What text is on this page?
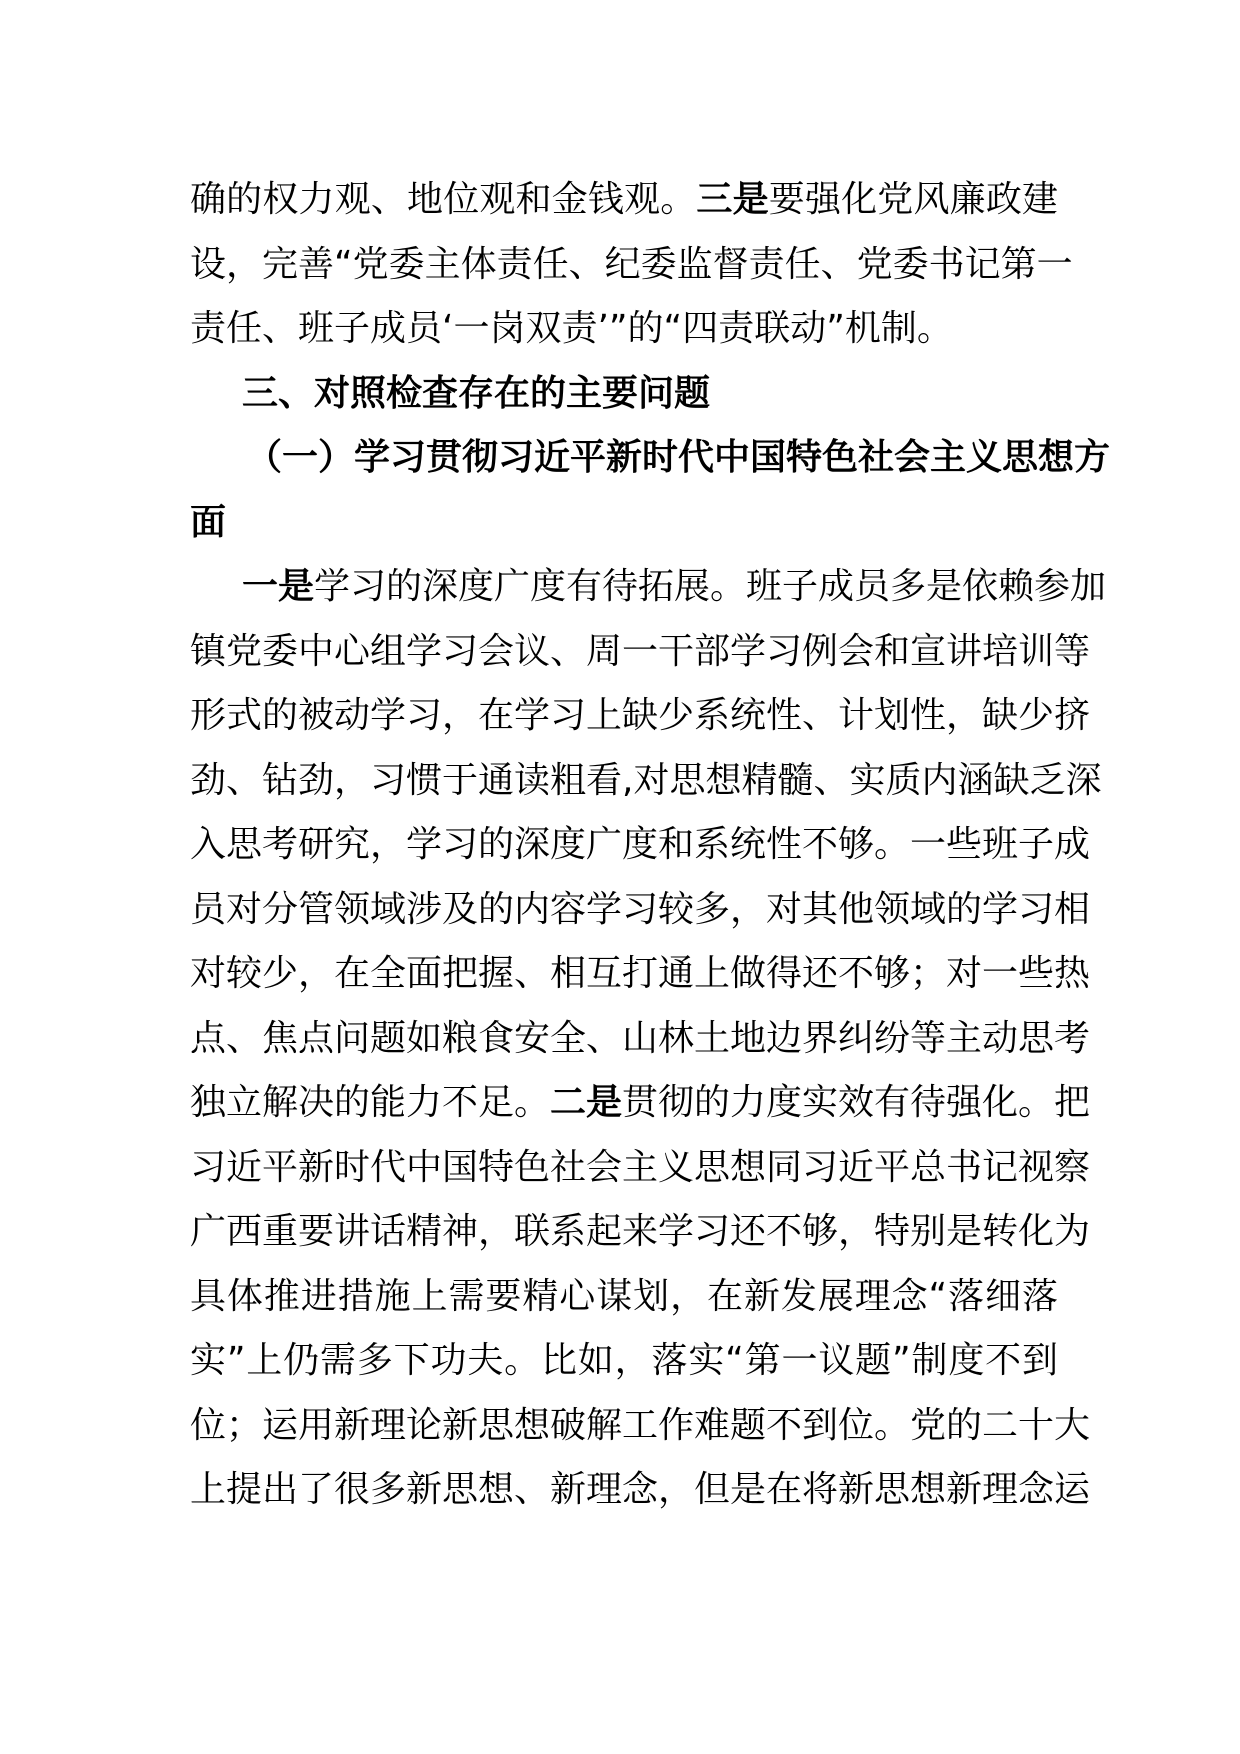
确的权力观、地位观和金钱观。三是要强化党风廉政建
设，完善“党委主体责任、纪委监督责任、党委书记第一
责任、班子成员‘一岗双责’”的“四责联动”机制。
三、对照检查存在的主要问题
（一）学习贯彻习近平新时代中国特色社会主义思想方
面
一是学习的深度广度有待拓展。班子成员多是依赖参加
镇党委中心组学习会议、周一干部学习例会和宣讲培训等
形式的被动学习，在学习上缺少系统性、计划性，缺少挤
劲、钻劲，习惯于通读粗看,对思想精髓、实质内涵缺乏深
入思考研究，学习的深度广度和系统性不够。一些班子成
员对分管领域涉及的内容学习较多，对其他领域的学习相
对较少，在全面把握、相互打通上做得还不够；对一些热
点、焦点问题如粮食安全、山林土地边界纠纷等主动思考
独立解决的能力不足。二是贯彻的力度实效有待强化。把
习近平新时代中国特色社会主义思想同习近平总书记视察
广西重要讲话精神，联系起来学习还不够，特别是转化为
具体推进措施上需要精心谋划，在新发展理念“落细落
实”上仍需多下功夫。比如，落实“第一议题”制度不到
位；运用新理论新思想破解工作难题不到位。党的二十大
上提出了很多新思想、新理念，但是在将新思想新理念运
